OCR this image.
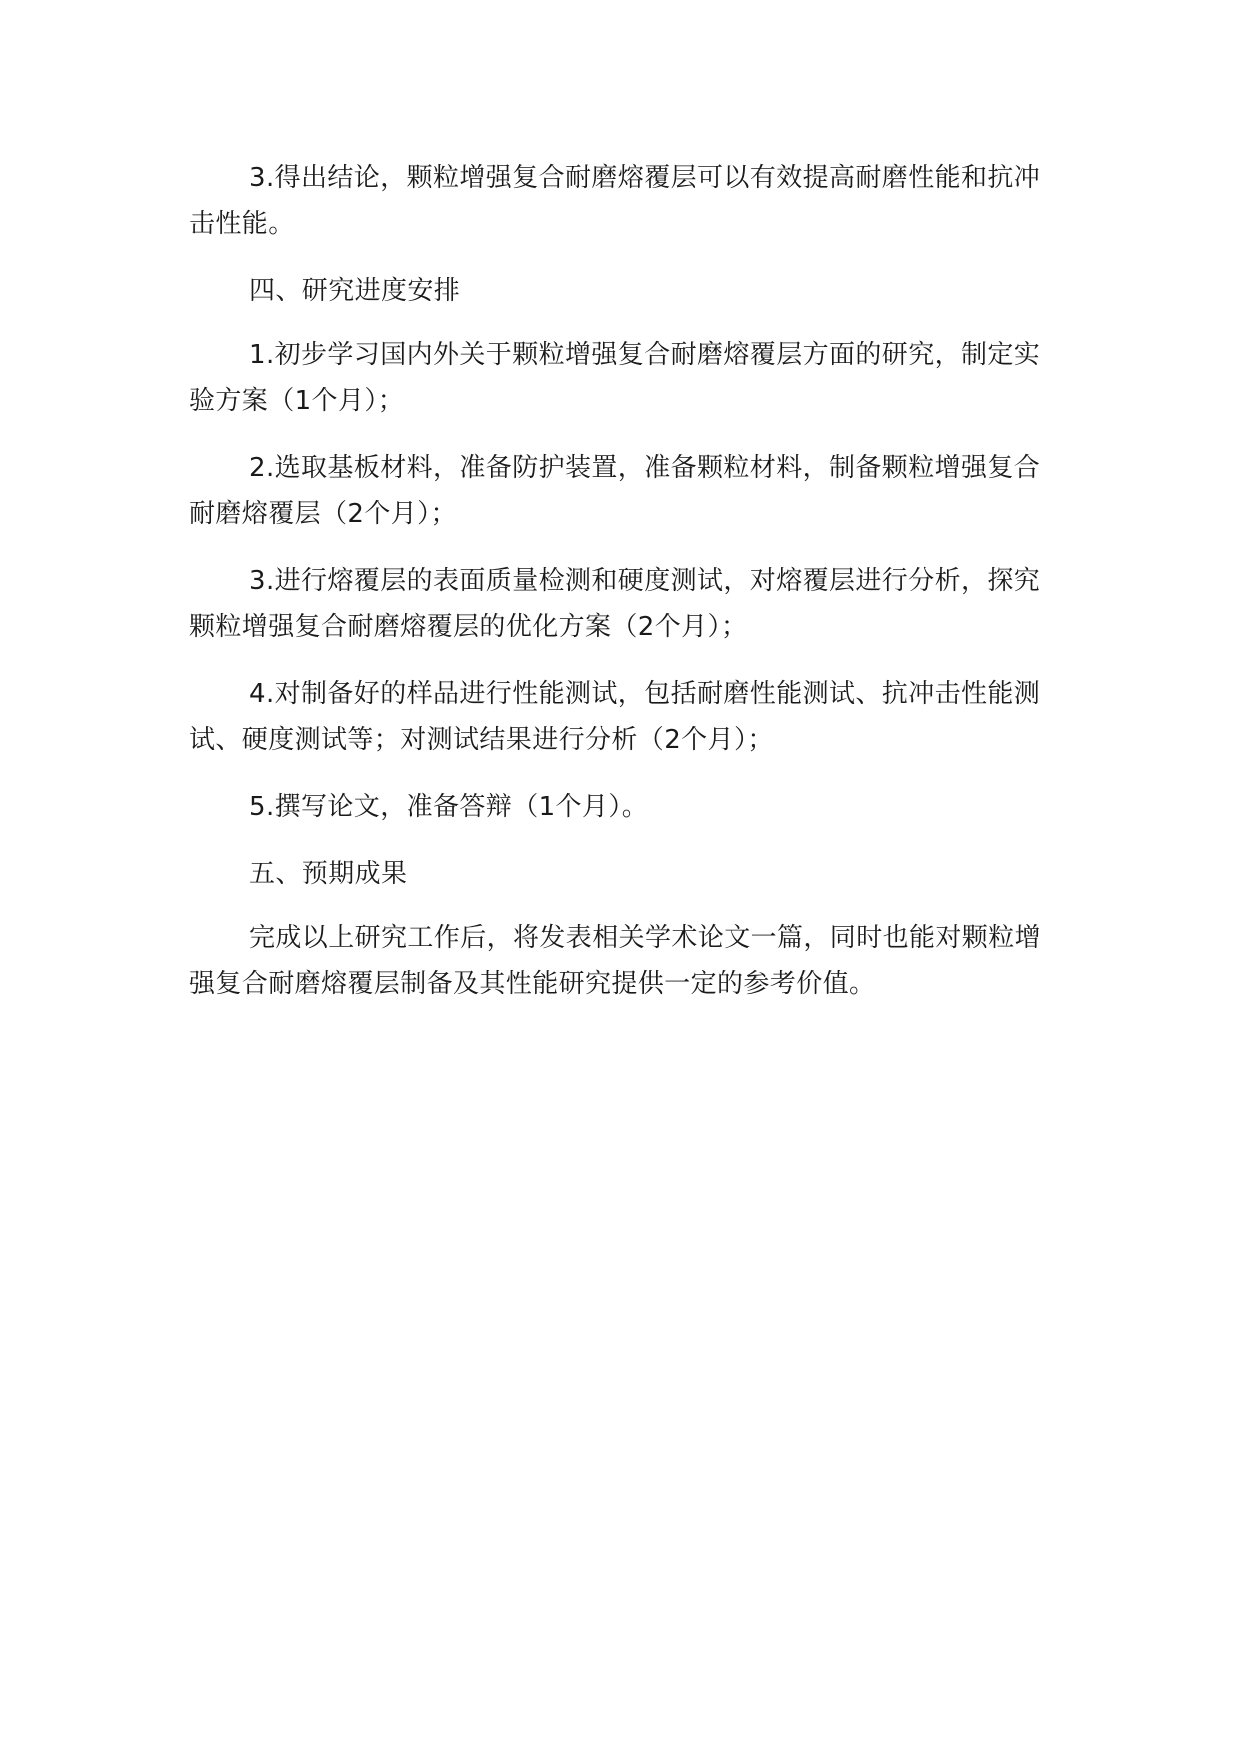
3.得出结论，颗粒增强复合耐磨熔覆层可以有效提高耐磨性能和抗冲击性能。

四、研究进度安排

1.初步学习国内外关于颗粒增强复合耐磨熔覆层方面的研究，制定实验方案（1个月）；

2.选取基板材料，准备防护装置，准备颗粒材料，制备颗粒增强复合耐磨熔覆层（2个月）；

3.进行熔覆层的表面质量检测和硬度测试，对熔覆层进行分析，探究颗粒增强复合耐磨熔覆层的优化方案（2个月）；

4.对制备好的样品进行性能测试，包括耐磨性能测试、抗冲击性能测试、硬度测试等；对测试结果进行分析（2个月）；

5.撰写论文，准备答辩（1个月）。

五、预期成果

完成以上研究工作后，将发表相关学术论文一篇，同时也能对颗粒增强复合耐磨熔覆层制备及其性能研究提供一定的参考价值。
